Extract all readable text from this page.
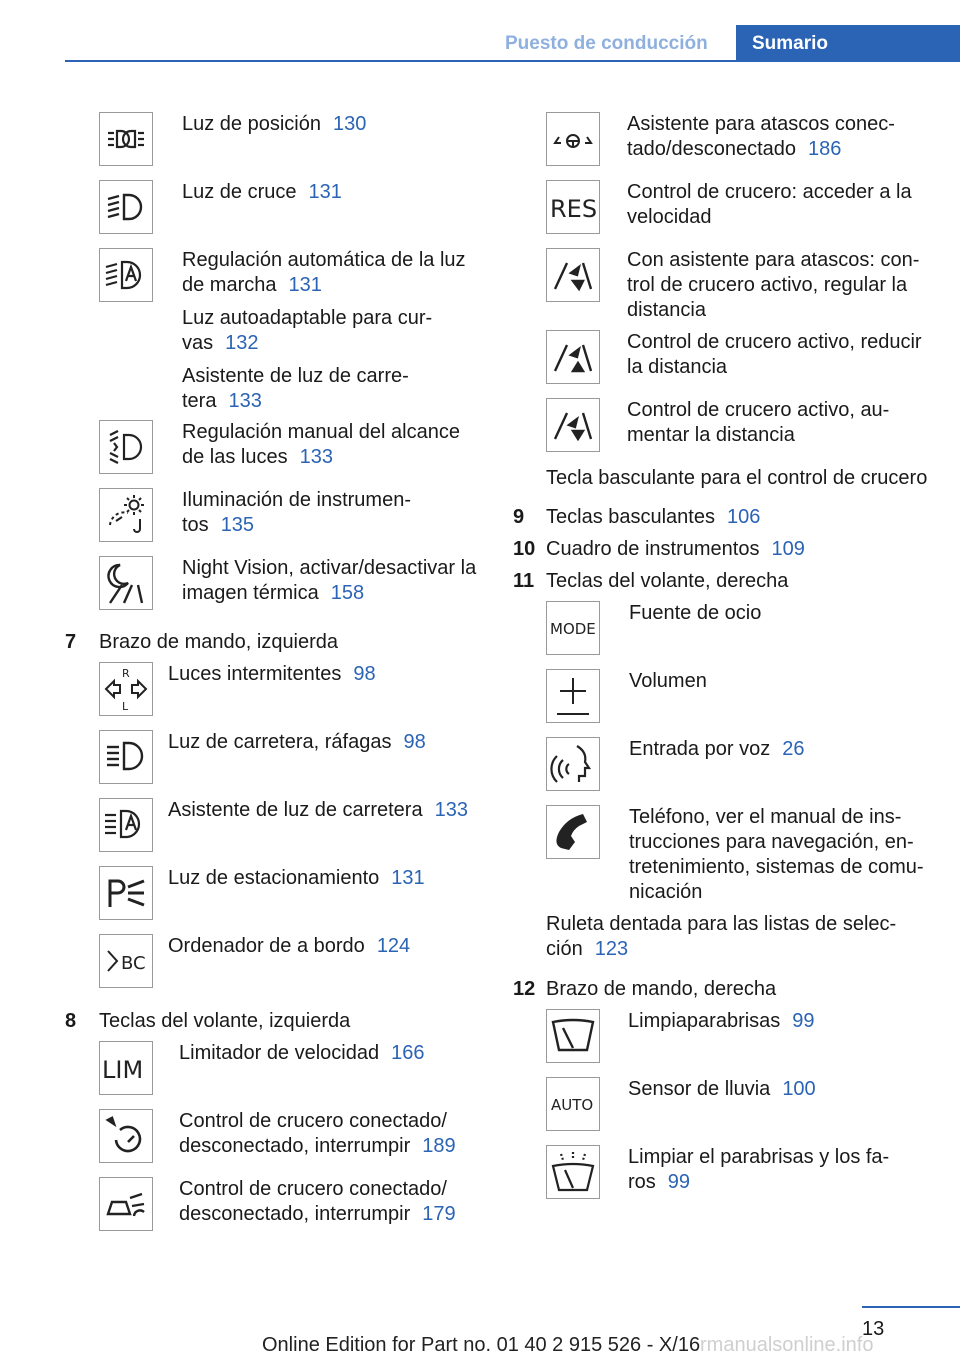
Puesto de conducción	Sumario
Luz de posición 130
Luz de cruce 131

Regulación automática de la luz
de marcha 131

Luz autoadaptable para cur-
vas 132

Asistente de luz de carre-
tera 133

Regulación manual del alcance
de las luces 133

Iluminación de instrumen-
tos 135

Night Vision, activar/desactivar la
imagen térmica 158

7 Brazo de mando, izquierda
R
L
Luces intermitentes 98
Luz de carretera, ráfagas 98
Asistente de luz de carretera 133
Luz de estacionamiento 131
BC
Ordenador de a bordo 124
8 Teclas del volante, izquierda
LIM
Limitador de velocidad 166

Control de crucero conectado/
desconectado, interrumpir 189

Control de crucero conectado/
desconectado, interrumpir 179

Asistente para atascos conec-
tado/desconectado 186

RES

Control de crucero: acceder a la
velocidad

Con asistente para atascos: con-
trol de crucero activo, regular la
distancia

Control de crucero activo, reducir
la distancia

Control de crucero activo, au-
mentar la distancia

Tecla basculante para el control de crucero
9 Teclas basculantes 106
10 Cuadro de instrumentos 109
11 Teclas del volante, derecha
MODE
Fuente de ocio
Volumen
Entrada por voz 26

Teléfono, ver el manual de ins-
trucciones para navegación, en-
tretenimiento, sistemas de comu-
nicación

Ruleta dentada para las listas de selec-
ción 123

12 Brazo de mando, derecha
Limpiaparabrisas 99
AUTO
Sensor de lluvia 100

Limpiar el parabrisas y los fa-
ros 99

13
Online Edition for Part no. 01 40 2 915 526 - X/16 rmanualsonline.info
